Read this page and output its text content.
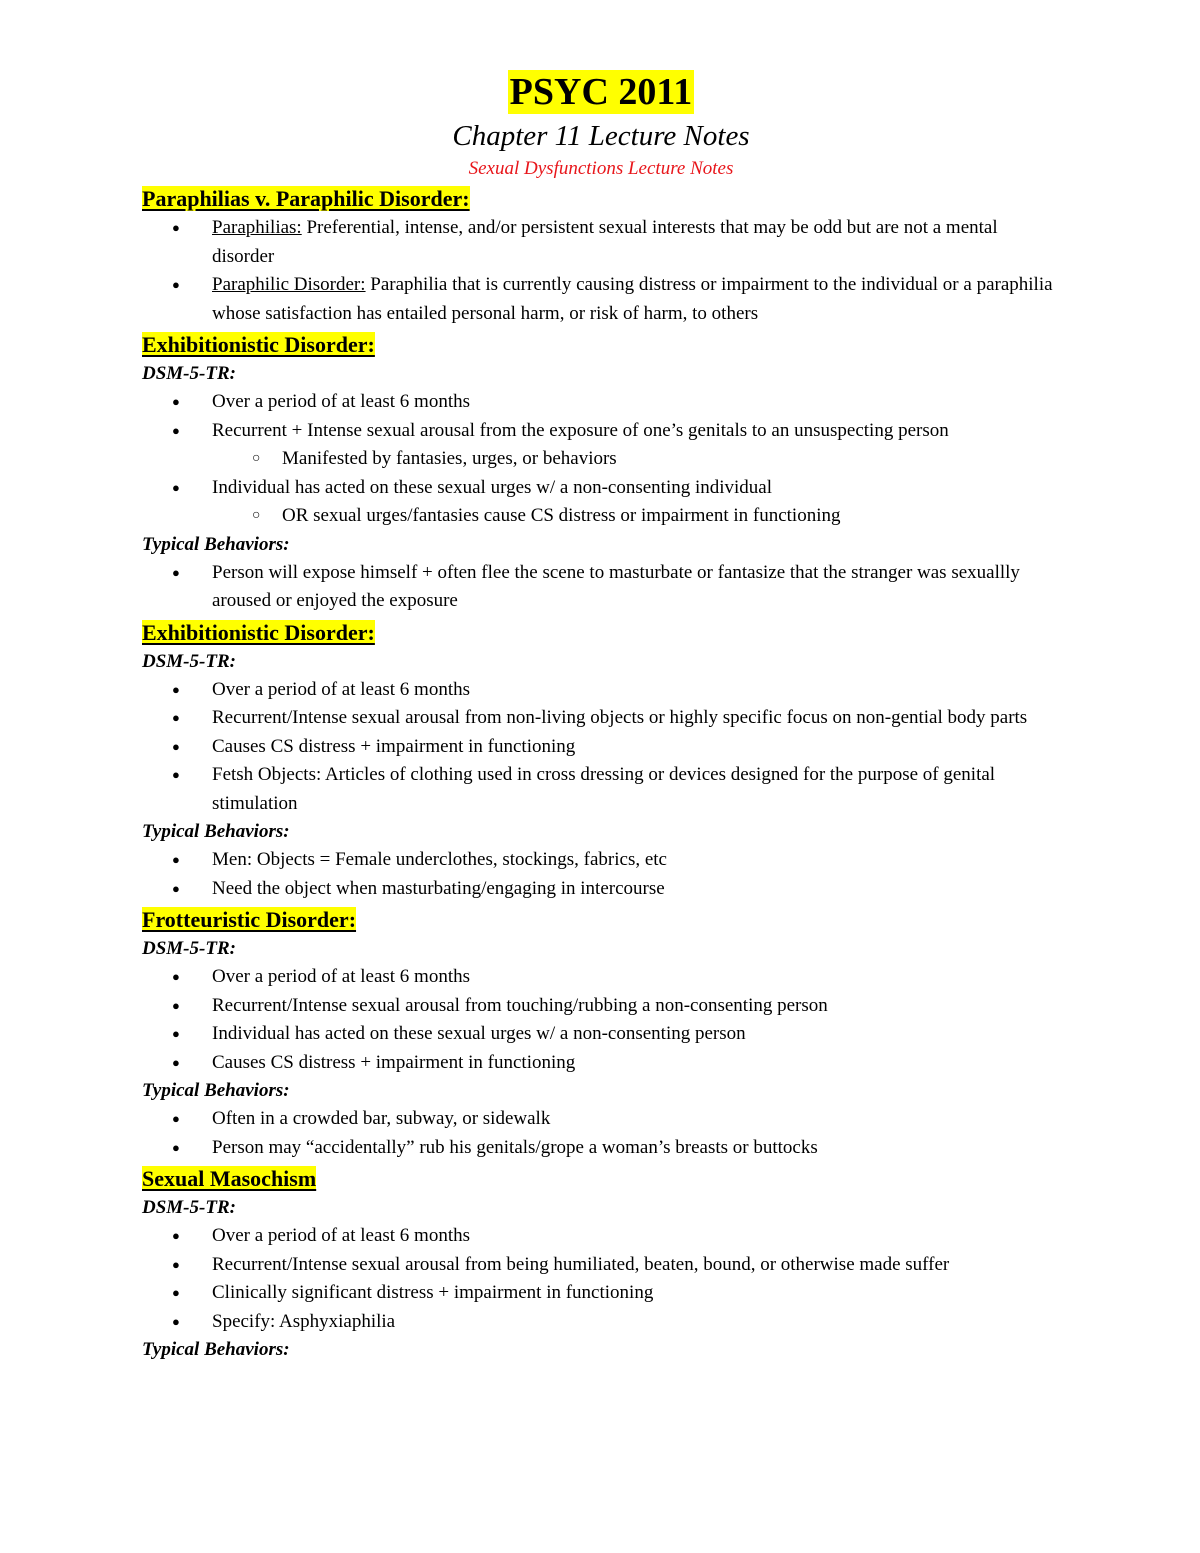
PSYC 2011
Chapter 11 Lecture Notes
Sexual Dysfunctions Lecture Notes
Paraphilias v. Paraphilic Disorder:
● Paraphilias: Preferential, intense, and/or persistent sexual interests that may be odd but are not a mental disorder
● Paraphilic Disorder: Paraphilia that is currently causing distress or impairment to the individual or a paraphilia whose satisfaction has entailed personal harm, or risk of harm, to others
Exhibitionistic Disorder:
DSM-5-TR:
● Over a period of at least 6 months
● Recurrent + Intense sexual arousal from the exposure of one’s genitals to an unsuspecting person
○ Manifested by fantasies, urges, or behaviors
● Individual has acted on these sexual urges w/ a non-consenting individual
○ OR sexual urges/fantasies cause CS distress or impairment in functioning
Typical Behaviors:
● Person will expose himself + often flee the scene to masturbate or fantasize that the stranger was sexuallly aroused or enjoyed the exposure
Exhibitionistic Disorder:
DSM-5-TR:
● Over a period of at least 6 months
● Recurrent/Intense sexual arousal from non-living objects or highly specific focus on non-gential body parts
● Causes CS distress + impairment in functioning
● Fetsh Objects: Articles of clothing used in cross dressing or devices designed for the purpose of genital stimulation
Typical Behaviors:
● Men: Objects = Female underclothes, stockings, fabrics, etc
● Need the object when masturbating/engaging in intercourse
Frotteuristic Disorder:
DSM-5-TR:
● Over a period of at least 6 months
● Recurrent/Intense sexual arousal from touching/rubbing a non-consenting person
● Individual has acted on these sexual urges w/ a non-consenting person
● Causes CS distress + impairment in functioning
Typical Behaviors:
● Often in a crowded bar, subway, or sidewalk
● Person may “accidentally” rub his genitals/grope a woman’s breasts or buttocks
Sexual Masochism
DSM-5-TR:
● Over a period of at least 6 months
● Recurrent/Intense sexual arousal from being humiliated, beaten, bound, or otherwise made suffer
● Clinically significant distress + impairment in functioning
● Specify: Asphyxiaphilia
Typical Behaviors:
